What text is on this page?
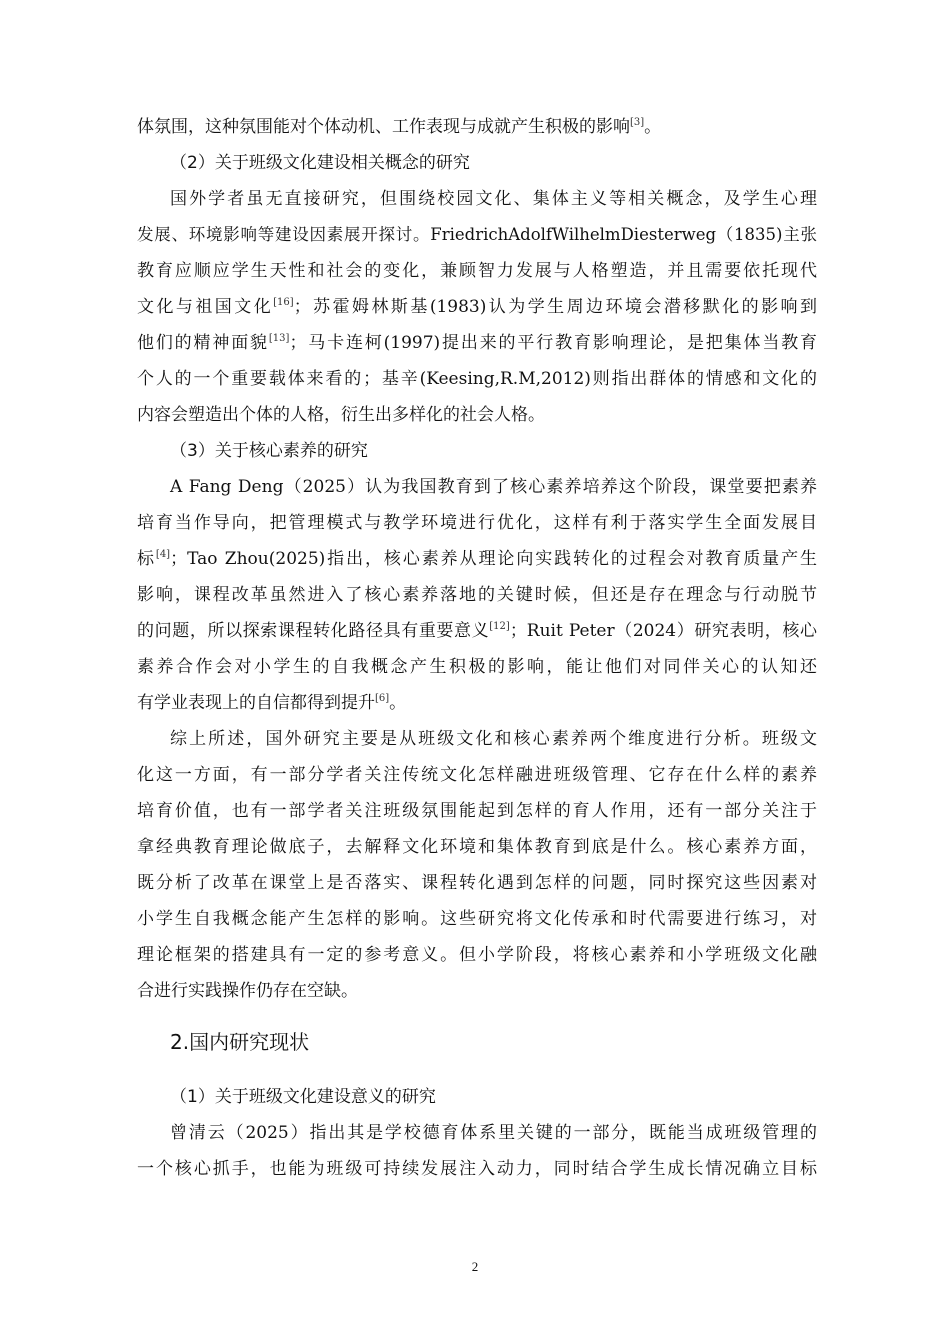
体氛围，这种氛围能对个体动机、工作表现与成就产生积极的影响[3]。
（2）关于班级文化建设相关概念的研究
国外学者虽无直接研究，但围绕校园文化、集体主义等相关概念，及学生心理
发展、环境影响等建设因素展开探讨。FriedrichAdolfWilhelmDiesterweg（1835)主张
教育应顺应学生天性和社会的变化，兼顾智力发展与人格塑造，并且需要依托现代
文化与祖国文化[16]；苏霍姆林斯基(1983)认为学生周边环境会潜移默化的影响到
他们的精神面貌[13]；马卡连柯(1997)提出来的平行教育影响理论，是把集体当教育
个人的一个重要载体来看的；基辛(Keesing,R.M,2012)则指出群体的情感和文化的
内容会塑造出个体的人格，衍生出多样化的社会人格。
（3）关于核心素养的研究
A Fang Deng（2025）认为我国教育到了核心素养培养这个阶段，课堂要把素养
培育当作导向，把管理模式与教学环境进行优化，这样有利于落实学生全面发展目
标[4]；Tao Zhou(2025)指出，核心素养从理论向实践转化的过程会对教育质量产生
影响，课程改革虽然进入了核心素养落地的关键时候，但还是存在理念与行动脱节
的问题，所以探索课程转化路径具有重要意义[12]；Ruit Peter（2024）研究表明，核心
素养合作会对小学生的自我概念产生积极的影响，能让他们对同伴关心的认知还
有学业表现上的自信都得到提升[6]。
综上所述，国外研究主要是从班级文化和核心素养两个维度进行分析。班级文
化这一方面，有一部分学者关注传统文化怎样融进班级管理、它存在什么样的素养
培育价值，也有一部学者关注班级氛围能起到怎样的育人作用，还有一部分关注于
拿经典教育理论做底子，去解释文化环境和集体教育到底是什么。核心素养方面，
既分析了改革在课堂上是否落实、课程转化遇到怎样的问题，同时探究这些因素对
小学生自我概念能产生怎样的影响。这些研究将文化传承和时代需要进行练习，对
理论框架的搭建具有一定的参考意义。但小学阶段，将核心素养和小学班级文化融
合进行实践操作仍存在空缺。
2.国内研究现状
（1）关于班级文化建设意义的研究
曾清云（2025）指出其是学校德育体系里关键的一部分，既能当成班级管理的
一个核心抓手，也能为班级可持续发展注入动力，同时结合学生成长情况确立目标
2
